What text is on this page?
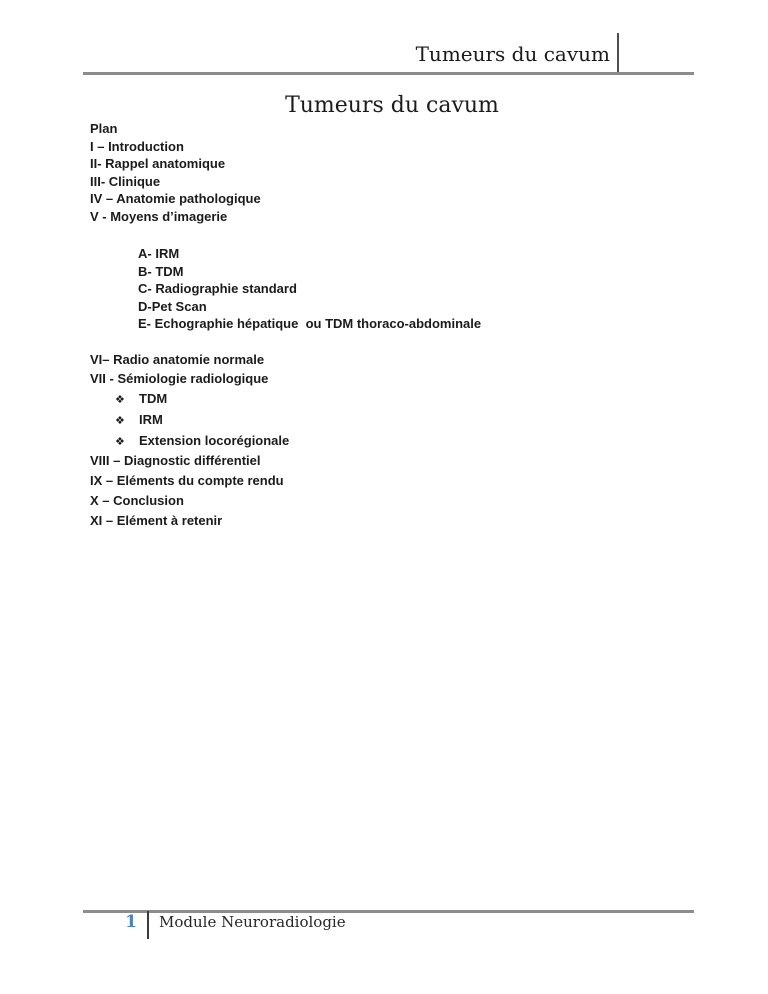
Tumeurs du cavum
Tumeurs du cavum
Plan
I – Introduction
II- Rappel anatomique
III- Clinique
IV – Anatomie pathologique
V - Moyens d’imagerie
A- IRM
B- TDM
C- Radiographie standard
D-Pet Scan
E- Echographie hépatique  ou TDM thoraco-abdominale
VI– Radio anatomie normale
VII - Sémiologie radiologique
❖	TDM
❖	IRM
❖	Extension locorégionale
VIII – Diagnostic différentiel
IX – Eléments du compte rendu
X – Conclusion
XI – Elément à retenir
1	Module Neuroradiologie
